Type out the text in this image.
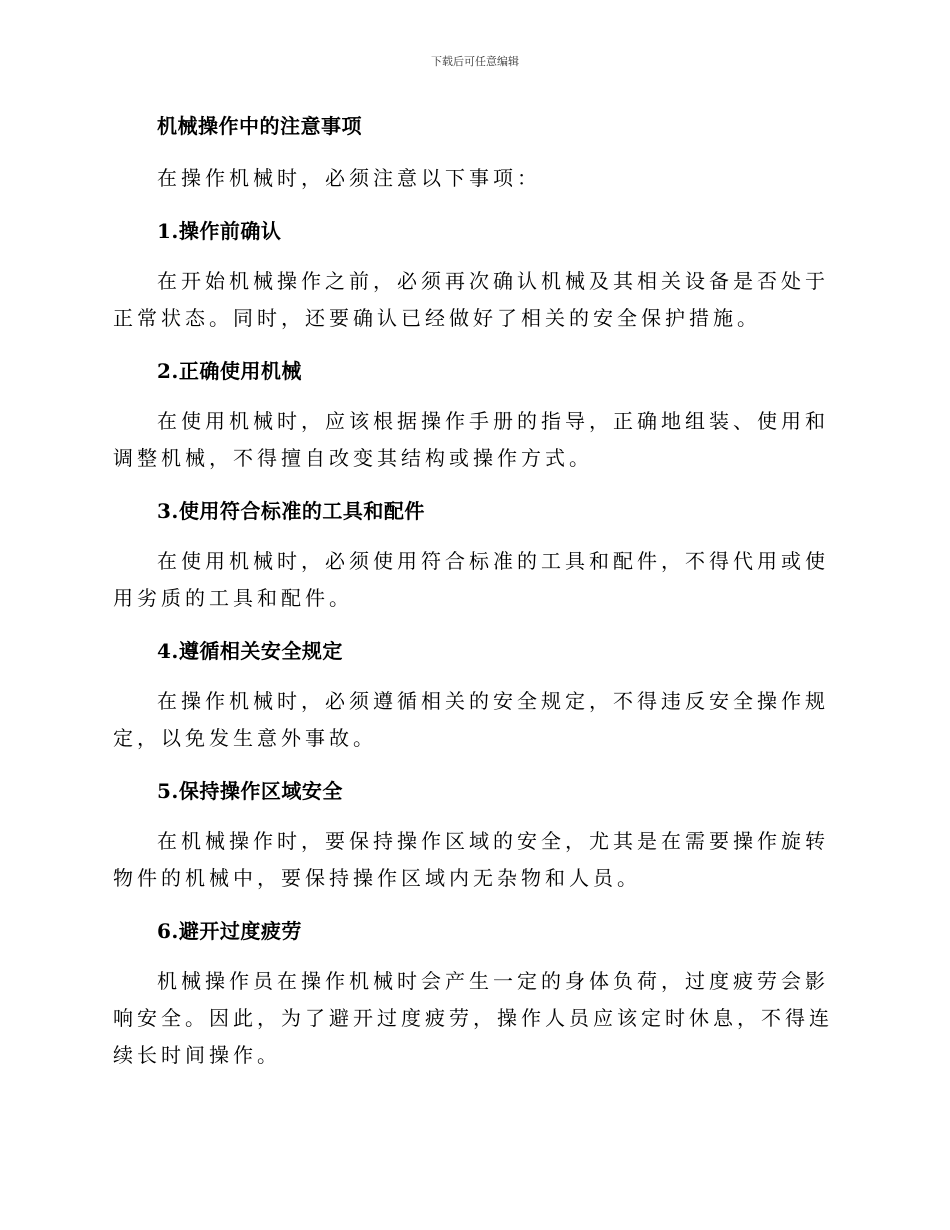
下载后可任意编辑

机械操作中的注意事项

在操作机械时，必须注意以下事项：

1.操作前确认

在开始机械操作之前，必须再次确认机械及其相关设备是否处于正常状态。同时，还要确认已经做好了相关的安全保护措施。

2.正确使用机械

在使用机械时，应该根据操作手册的指导，正确地组装、使用和调整机械，不得擅自改变其结构或操作方式。

3.使用符合标准的工具和配件

在使用机械时，必须使用符合标准的工具和配件，不得代用或使用劣质的工具和配件。

4.遵循相关安全规定

在操作机械时，必须遵循相关的安全规定，不得违反安全操作规定，以免发生意外事故。

5.保持操作区域安全

在机械操作时，要保持操作区域的安全，尤其是在需要操作旋转物件的机械中，要保持操作区域内无杂物和人员。

6.避开过度疲劳

机械操作员在操作机械时会产生一定的身体负荷，过度疲劳会影响安全。因此，为了避开过度疲劳，操作人员应该定时休息，不得连续长时间操作。
